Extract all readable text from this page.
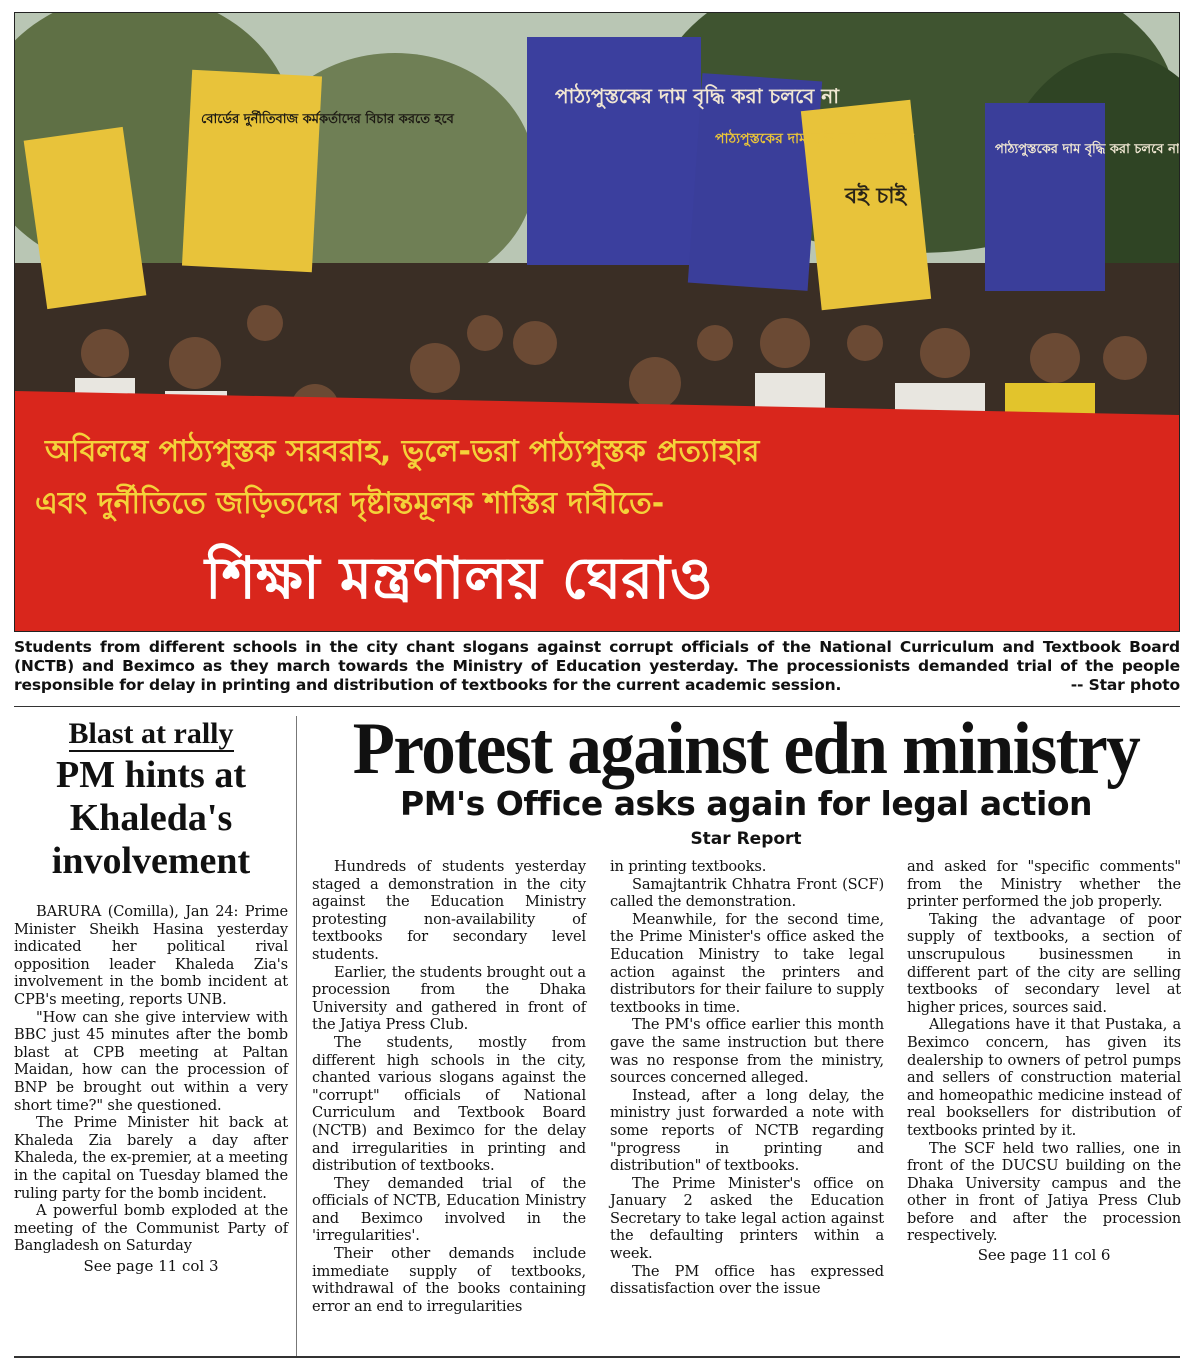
পাঠ্যপুস্তকের দাম বৃদ্ধি করা চলবে না
পাঠ্যপুস্তকের দাম বৃদ্ধি করা চলবে না
বোর্ডের দুর্নীতিবাজ কর্মকর্তাদের বিচার করতে হবে
বই চাই
পাঠ্যপুস্তকের দাম বৃদ্ধি করা চলবে না
অবিলম্বে পাঠ্যপুস্তক সরবরাহ, ভুলে-ভরা পাঠ্যপুস্তক প্রত্যাহার
এবং দুর্নীতিতে জড়িতদের দৃষ্টান্তমূলক শাস্তির দাবীতে-
শিক্ষা মন্ত্রণালয় ঘেরাও
Students from different schools in the city chant slogans against corrupt officials of the National Curriculum and Textbook Board (NCTB) and Beximco as they march towards the Ministry of Education yesterday. The processionists demanded trial of the people responsible for delay in printing and distribution of textbooks for the current academic session.	-- Star photo
Blast at rally
PM hints at Khaleda's involvement

BARURA (Comilla), Jan 24: Prime Minister Sheikh Hasina yesterday indicated her political rival opposition leader Khaleda Zia's involvement in the bomb incident at CPB's meeting, reports UNB.

"How can she give interview with BBC just 45 minutes after the bomb blast at CPB meeting at Paltan Maidan, how can the procession of BNP be brought out within a very short time?" she questioned.

The Prime Minister hit back at Khaleda Zia barely a day after Khaleda, the ex-premier, at a meeting in the capital on Tuesday blamed the ruling party for the bomb incident.

A powerful bomb exploded at the meeting of the Communist Party of Bangladesh on Saturday

See page 11 col 3
Protest against edn ministry
PM's Office asks again for legal action
Star Report

Hundreds of students yesterday staged a demonstration in the city against the Education Ministry protesting non-availability of textbooks for secondary level students.

Earlier, the students brought out a procession from the Dhaka University and gathered in front of the Jatiya Press Club.

The students, mostly from different high schools in the city, chanted various slogans against the "corrupt" officials of National Curriculum and Textbook Board (NCTB) and Beximco for the delay and irregularities in printing and distribution of textbooks.

They demanded trial of the officials of NCTB, Education Ministry and Beximco involved in the 'irregularities'.

Their other demands include immediate supply of textbooks, withdrawal of the books containing error an end to irregularities

in printing textbooks.

Samajtantrik Chhatra Front (SCF) called the demonstration.

Meanwhile, for the second time, the Prime Minister's office asked the Education Ministry to take legal action against the printers and distributors for their failure to supply textbooks in time.

The PM's office earlier this month gave the same instruction but there was no response from the ministry, sources concerned alleged.

Instead, after a long delay, the ministry just forwarded a note with some reports of NCTB regarding "progress in printing and distribution" of textbooks.

The Prime Minister's office on January 2 asked the Education Secretary to take legal action against the defaulting printers within a week.

The PM office has expressed dissatisfaction over the issue

and asked for "specific comments" from the Ministry whether the printer performed the job properly.

Taking the advantage of poor supply of textbooks, a section of unscrupulous businessmen in different part of the city are selling textbooks of secondary level at higher prices, sources said.

Allegations have it that Pustaka, a Beximco concern, has given its dealership to owners of petrol pumps and sellers of construction material and homeopathic medicine instead of real booksellers for distribution of textbooks printed by it.

The SCF held two rallies, one in front of the DUCSU building on the Dhaka University campus and the other in front of Jatiya Press Club before and after the procession respectively.

See page 11 col 6
